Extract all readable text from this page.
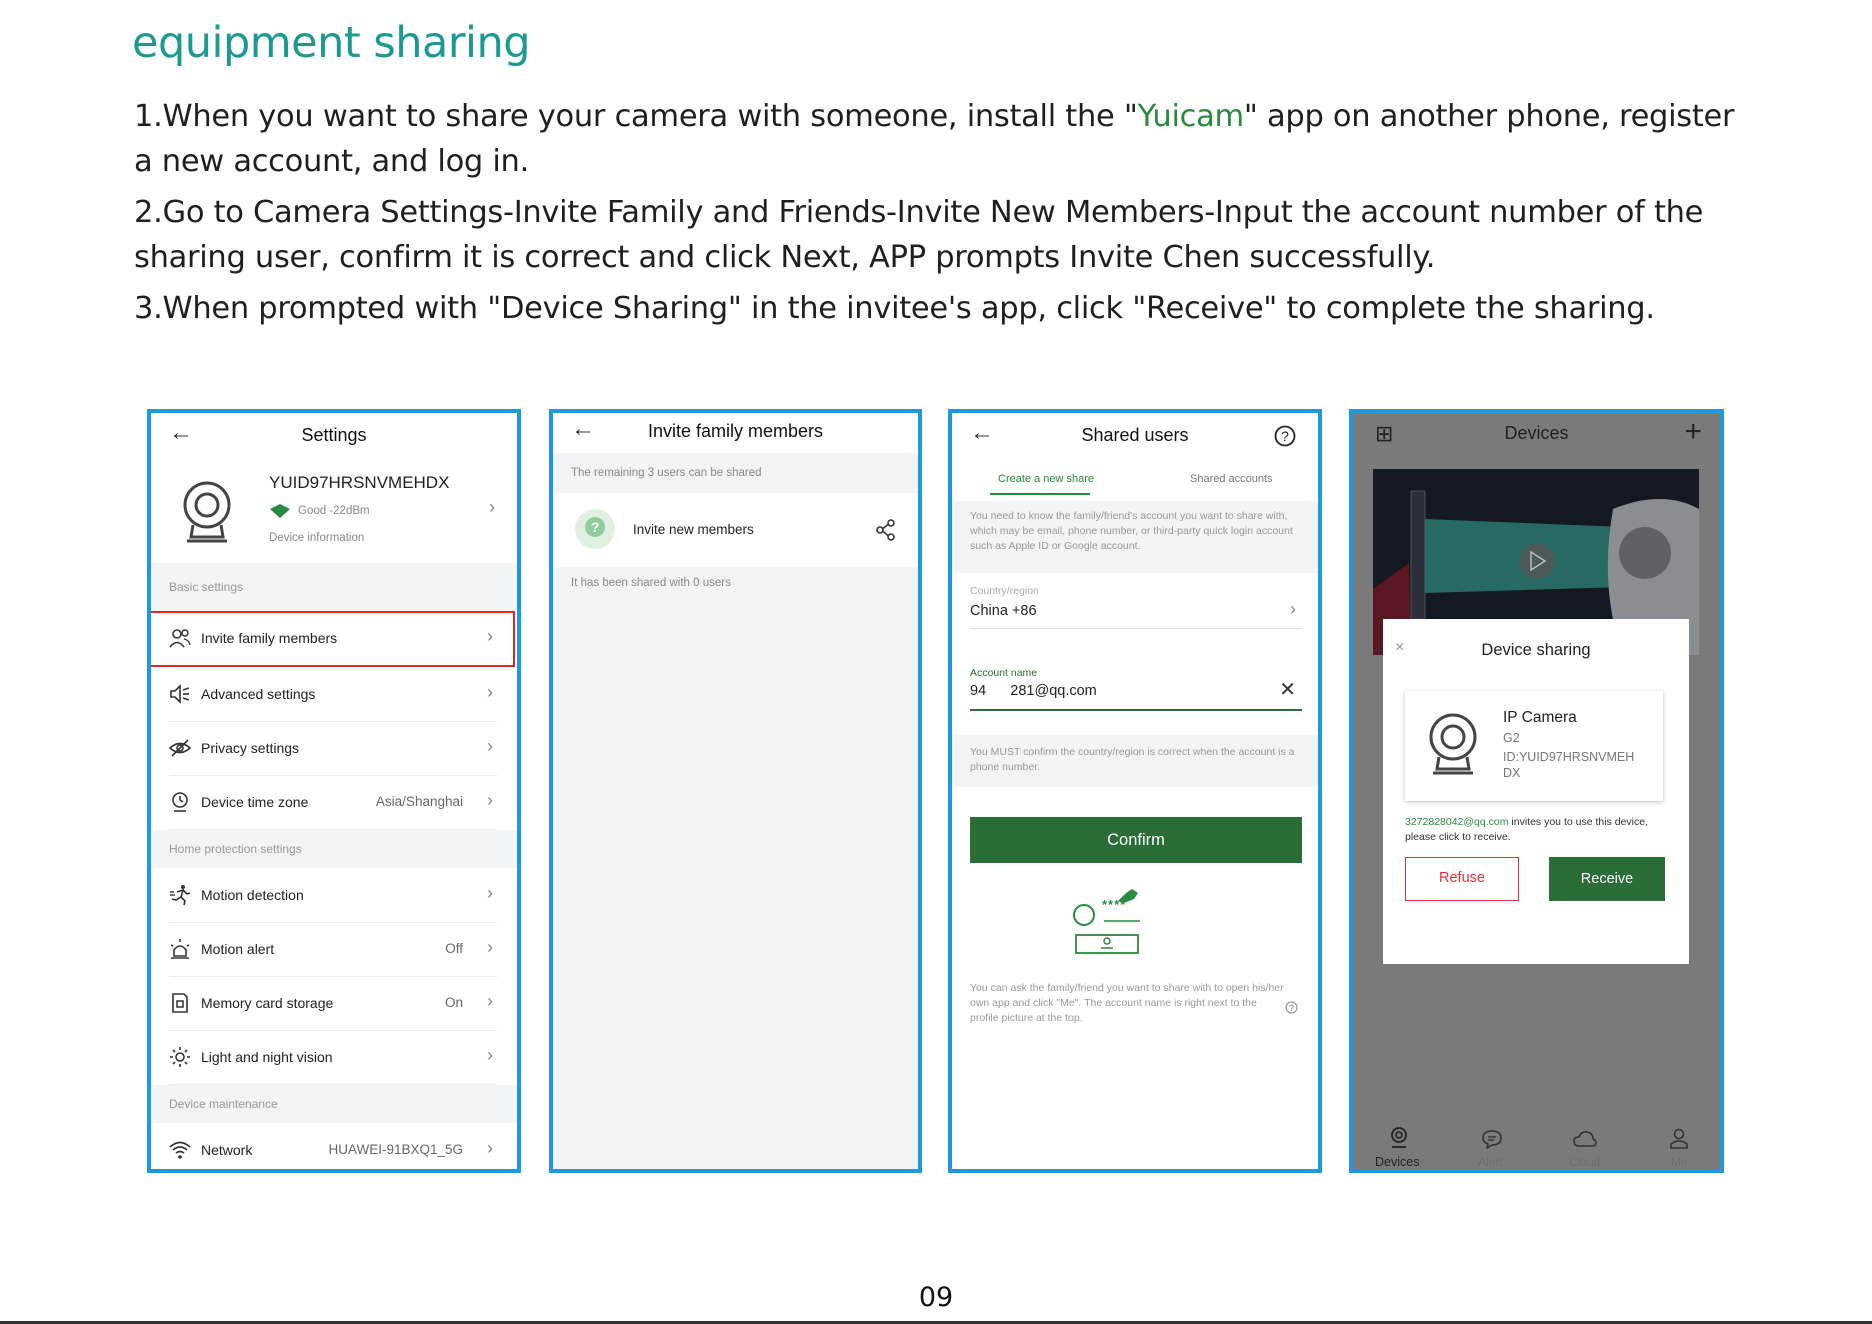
equipment sharing

1.When you want to share your camera with someone, install the "Yuicam" app on another phone, register a new account, and log in.

2.Go to Camera Settings-Invite Family and Friends-Invite New Members-Input the account number of the sharing user, confirm it is correct and click Next, APP prompts Invite Chen successfully.

3.When prompted with "Device Sharing" in the invitee's app, click "Receive" to complete the sharing.

←	Settings
YUID97HRSNVMEHDX
Good -22dBm
Device information
›
Basic settings
Invite family members	›
Advanced settings	›
Privacy settings	›
Device time zone	Asia/Shanghai ›
Home protection settings
Motion detection	›
Motion alert	Off ›
Memory card storage	On ›
Light and night vision	›
Device maintenance
Network	HUAWEI-91BXQ1_5G ›
←	Invite family members
The remaining 3 users can be shared
?	Invite new members
It has been shared with 0 users
←	Shared users	?
Create a new share	Shared accounts
You need to know the family/friend's account you want to share with, which may be email, phone number, or third-party quick login account such as Apple ID or Google account.
Country/region
China +86	›
Account name
94      281@qq.com	✕
You MUST confirm the country/region is correct when the account is a phone number.
Confirm
****
You can ask the family/friend you want to share with to open his/her own app and click "Me". The account name is right next to the profile picture at the top.
?
⊞	Devices	+
×	Device sharing
IP Camera
G2
ID:YUID97HRSNVMEHDX
3272828042@qq.com invites you to use this device, please click to receive.
Refuse	Receive
Devices	Alert	Cloud	Me
09
